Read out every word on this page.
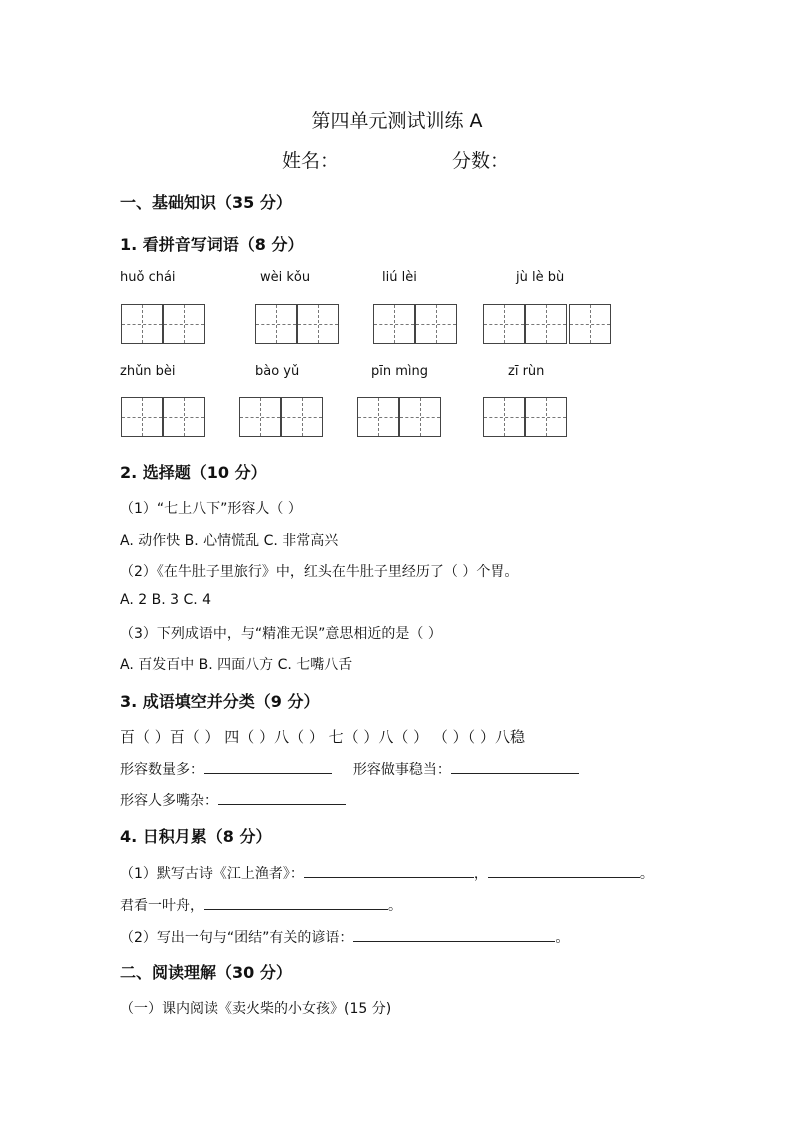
第四单元测试训练 A
姓名：	分数：
一、基础知识（35 分）
1. 看拼音写词语（8 分）
huǒ chái	wèi kǒu	liú lèi	jù lè bù
zhǔn bèi	bào yǔ	pīn mìng	zī rùn
2. 选择题（10 分）
（1）“七上八下”形容人（ ）
A. 动作快 B. 心情慌乱 C. 非常高兴
（2）《在牛肚子里旅行》中，红头在牛肚子里经历了（ ）个胃。
A. 2 B. 3 C. 4
（3）下列成语中，与“精准无误”意思相近的是（ ）
A. 百发百中 B. 四面八方 C. 七嘴八舌
3. 成语填空并分类（9 分）
百（ ）百（ ） 四（ ）八（ ） 七（ ）八（ ） （ ）（ ）八稳
形容数量多：	形容做事稳当：
形容人多嘴杂：
4. 日积月累（8 分）
（1）默写古诗《江上渔者》：	，	。
君看一叶舟，	。
（2）写出一句与“团结”有关的谚语：	。
二、阅读理解（30 分）
（一）课内阅读《卖火柴的小女孩》(15 分)
